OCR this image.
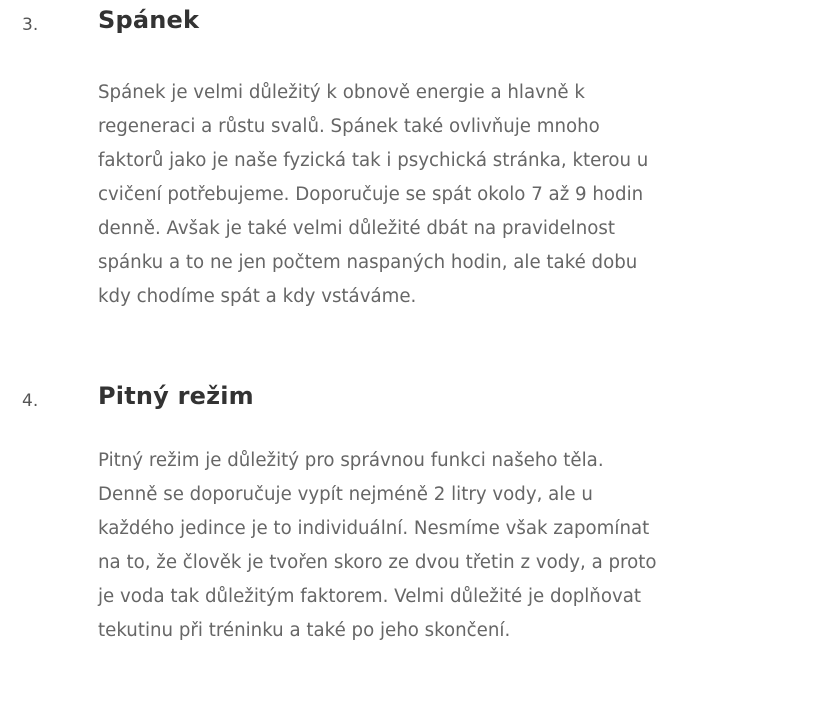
3. Spánek
Spánek je velmi důležitý k obnově energie a hlavně k
regeneraci a růstu svalů. Spánek také ovlivňuje mnoho
faktorů jako je naše fyzická tak i psychická stránka, kterou u
cvičení potřebujeme. Doporučuje se spát okolo 7 až 9 hodin
denně. Avšak je také velmi důležité dbát na pravidelnost
spánku a to ne jen počtem naspaných hodin, ale také dobu
kdy chodíme spát a kdy vstáváme.
4. Pitný režim
Pitný režim je důležitý pro správnou funkci našeho těla.
Denně se doporučuje vypít nejméně 2 litry vody, ale u
každého jedince je to individuální. Nesmíme však zapomínat
na to, že člověk je tvořen skoro ze dvou třetin z vody, a proto
je voda tak důležitým faktorem. Velmi důležité je doplňovat
tekutinu při tréninku a také po jeho skončení.
